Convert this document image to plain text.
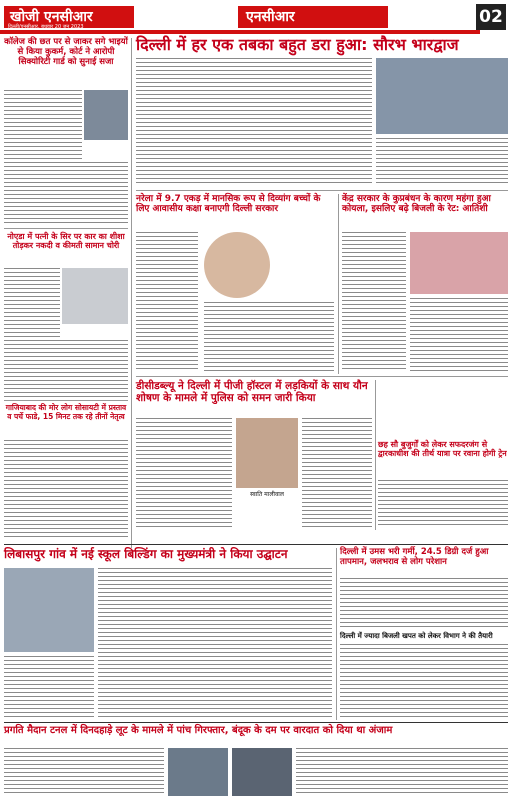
खोजी एनसीआर	एनसीआर	02
दिल्ली/एनसीआर, बुधवार 20 जून 2023
कॉलेज की छत पर से जाकर सगे भाइयों से किया कुकर्म, कोर्ट ने आरोपी सिक्योरिटी गार्ड को सुनाई सजा
नोएडा में पत्नी के सिर पर कार का शीशा तोड़कर नकदी व कीमती सामान चोरी
गाजियाबाद की मोर लोग सोसायटी में प्रस्ताव व पर्चे फाडे, 15 मिनट तक रहे तीनों नेतृत्व
दिल्ली में हर एक तबका बहुत डरा हुआ: सौरभ भारद्वाज
नरेला में 9.7 एकड़ में मानसिक रूप से दिव्यांग बच्चों के लिए आवासीय कक्षा बनाएगी दिल्ली सरकार
केंद्र सरकार के कुप्रबंधन के कारण महंगा हुआ कोयला, इसलिए बढ़े बिजली के रेट: आतिशी
डीसीडब्ल्यू ने दिल्ली में पीजी हॉस्टल में लड़कियों के साथ यौन शोषण के मामले में पुलिस को समन जारी किया
स्वाति मालीवाल
छह सौ बुजुर्गों को लेकर सफदरजंग से द्वारकाधीश की तीर्थ यात्रा पर रवाना होगी ट्रेन
लिबासपुर गांव में नई स्कूल बिल्डिंग का मुख्यमंत्री ने किया उद्घाटन	दिल्ली में उमस भरी गर्मी, 24.5 डिग्री दर्ज हुआ तापमान, जलभराव से लोग परेशान
दिल्ली में ज्यादा बिजली खपत को लेकर विभाग ने की तैयारी
प्रगति मैदान टनल में दिनदहाड़े लूट के मामले में पांच गिरफ्तार, बंदूक के दम पर वारदात को दिया था अंजाम
